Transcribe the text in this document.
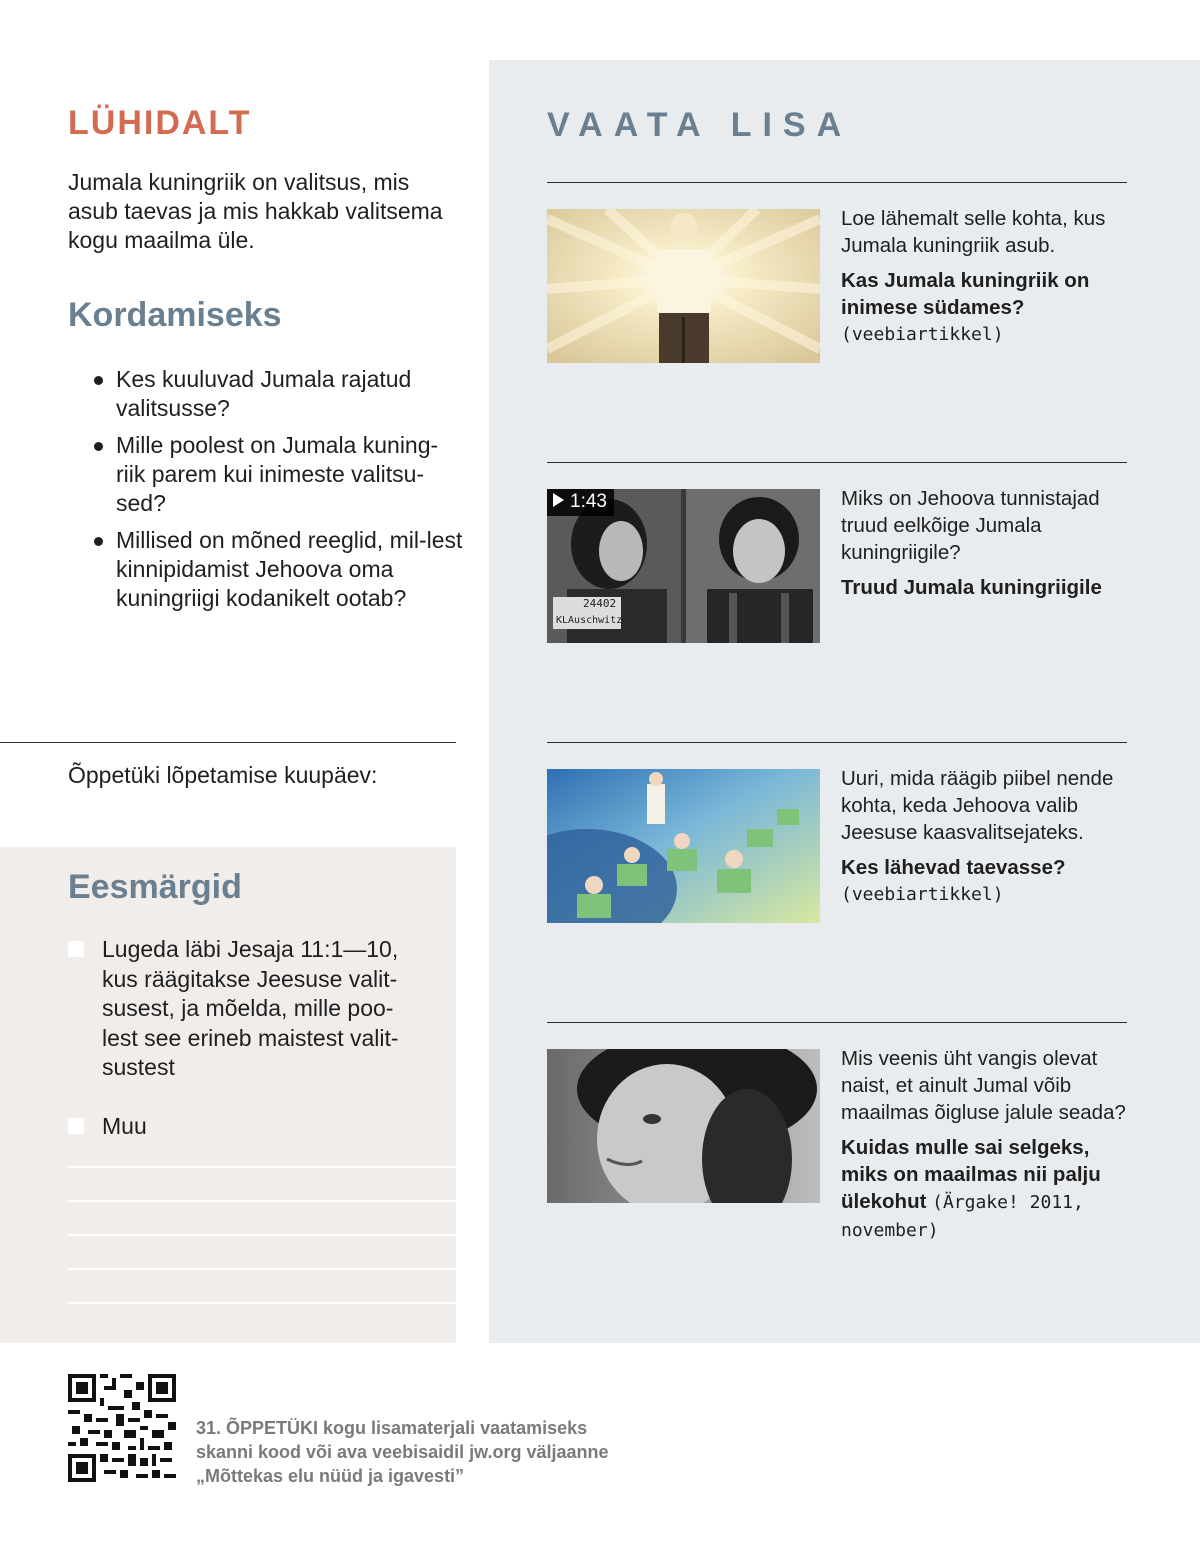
LÜHIDALT

Jumala kuningriik on valitsus, mis asub taevas ja mis hakkab valitsema kogu maailma üle.

Kordamiseks
Kes kuuluvad Jumala rajatud valitsusse?
Mille poolest on Jumala kuning-riik parem kui inimeste valitsu-sed?
Millised on mõned reeglid, mil-lest kinnipidamist Jehoova oma kuningriigi kodanikelt ootab?

Õppetüki lõpetamise kuupäev:

Eesmärgid
Lugeda läbi Jesaja 11:1—10, kus räägitakse Jeesuse valit-susest, ja mõelda, mille poo-lest see erineb maistest valit-sustest
Muu
VAATA LISA

Loe lähemalt selle kohta, kus Jumala kuningriik asub.

Kas Jumala kuningriik on inimese südames?

(veebiartikkel)

1:43
24402
KLAuschwitz

Miks on Jehoova tunnistajad truud eelkõige Jumala kuningriigile?

Truud Jumala kuningriigile

Uuri, mida räägib piibel nende kohta, keda Jehoova valib Jeesuse kaasvalitsejateks.

Kes lähevad taevasse?

(veebiartikkel)

Mis veenis üht vangis olevat naist, et ainult Jumal võib maailmas õigluse jalule seada?

Kuidas mulle sai selgeks, miks on maailmas nii palju ülekohut (Ärgake! 2011, november)

31. ÕPPETÜKI kogu lisamaterjali vaatamiseks

skanni kood või ava veebisaidil jw.org väljaanne

„Mõttekas elu nüüd ja igavesti”
